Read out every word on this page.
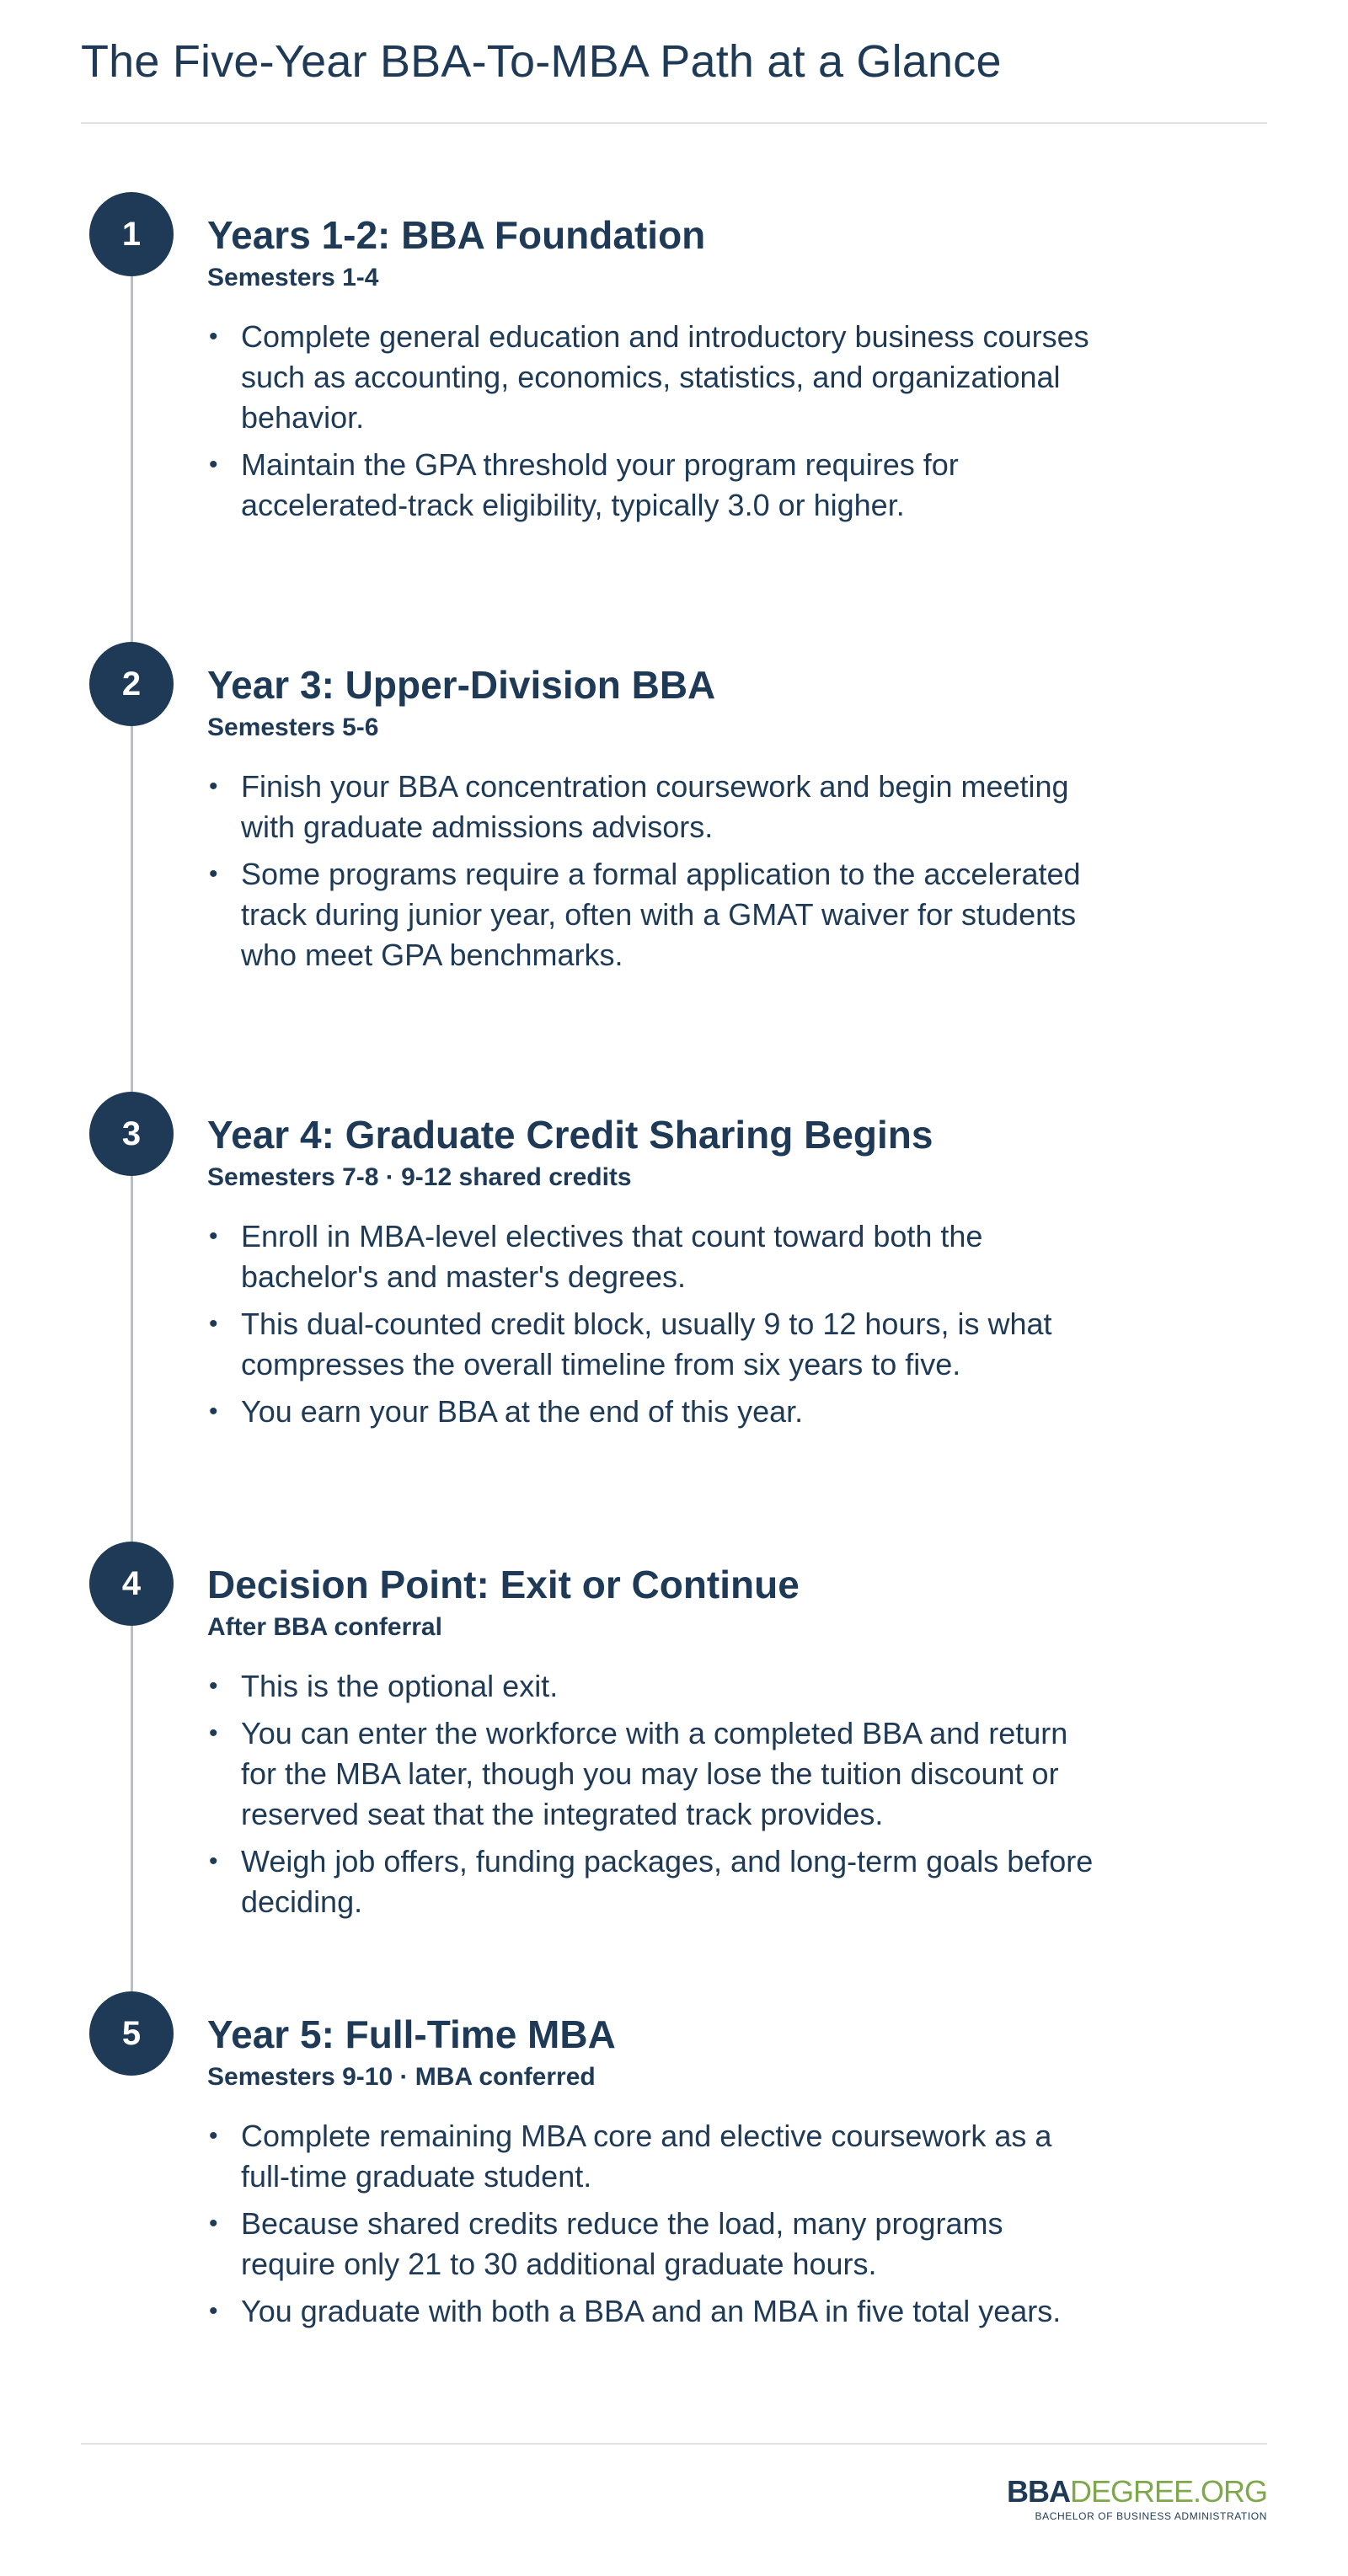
The Five-Year BBA-To-MBA Path at a Glance
1	Years 1-2: BBA Foundation

Semesters 1-4

• Complete general education and introductory business courses such as accounting, economics, statistics, and organizational behavior.
• Maintain the GPA threshold your program requires for accelerated-track eligibility, typically 3.0 or higher.
2	Year 3: Upper-Division BBA

Semesters 5-6

• Finish your BBA concentration coursework and begin meeting with graduate admissions advisors.
• Some programs require a formal application to the accelerated track during junior year, often with a GMAT waiver for students who meet GPA benchmarks.
3	Year 4: Graduate Credit Sharing Begins

Semesters 7-8 · 9-12 shared credits

• Enroll in MBA-level electives that count toward both the bachelor's and master's degrees.
• This dual-counted credit block, usually 9 to 12 hours, is what compresses the overall timeline from six years to five.
• You earn your BBA at the end of this year.
4	Decision Point: Exit or Continue

After BBA conferral

• This is the optional exit.
• You can enter the workforce with a completed BBA and return for the MBA later, though you may lose the tuition discount or reserved seat that the integrated track provides.
• Weigh job offers, funding packages, and long-term goals before deciding.
5	Year 5: Full-Time MBA

Semesters 9-10 · MBA conferred

• Complete remaining MBA core and elective coursework as a full-time graduate student.
• Because shared credits reduce the load, many programs require only 21 to 30 additional graduate hours.
• You graduate with both a BBA and an MBA in five total years.
BBADEGREE.ORG
BACHELOR OF BUSINESS ADMINISTRATION
